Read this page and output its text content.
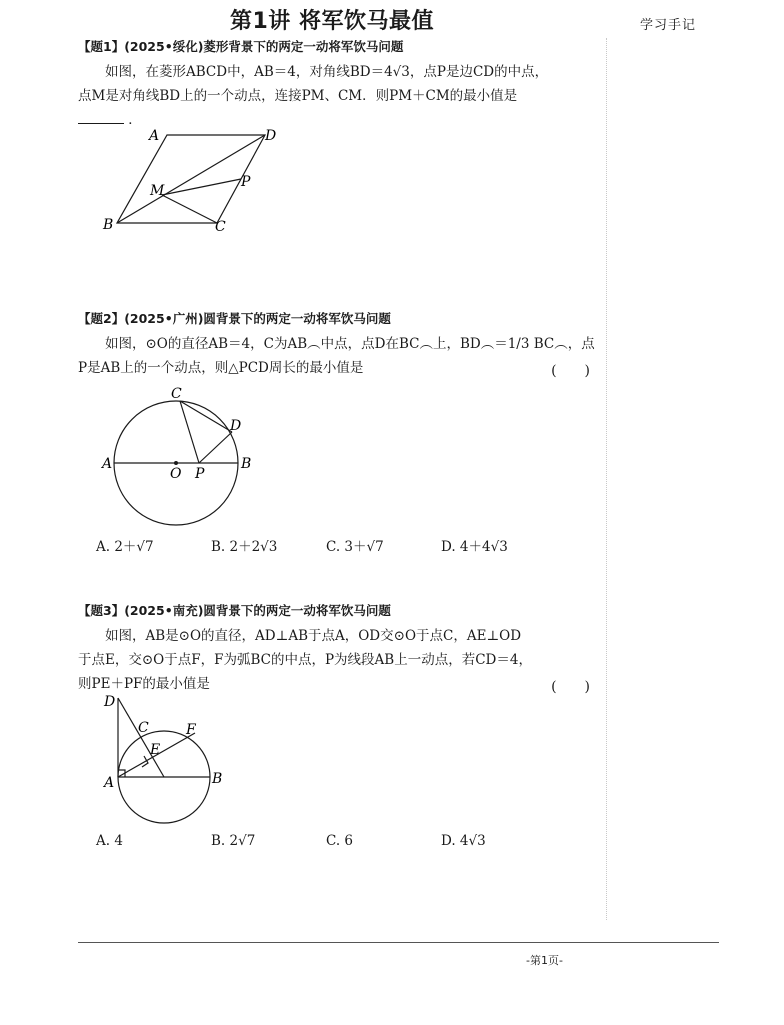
第1讲 将军饮马最值	学习手记
【题1】(2025•绥化)菱形背景下的两定一动将军饮马问题
如图，在菱形ABCD中，AB＝4，对角线BD＝4√3，点P是边CD的中点，
点M是对角线BD上的一个动点，连接PM、CM．则PM＋CM的最小值是
．
A	D
M
P
B	C
【题2】(2025•广州)圆背景下的两定一动将军饮马问题
如图，⊙O的直径AB＝4，C为AB︵中点，点D在BC︵上，BD︵＝1/3 BC︵，点
P是AB上的一个动点，则△PCD周长的最小值是	(　　)
C
D
A
O P
B
A. 2＋√7	B. 2＋2√3	C. 3＋√7	D. 4＋4√3
【题3】(2025•南充)圆背景下的两定一动将军饮马问题
如图，AB是⊙O的直径，AD⊥AB于点A，OD交⊙O于点C，AE⊥OD
于点E，交⊙O于点F，F为弧BC的中点，P为线段AB上一动点，若CD＝4，
则PE＋PF的最小值是	(　　)
D
C	F
E
A	B
A. 4	B. 2√7	C. 6	D. 4√3
-第1页-
